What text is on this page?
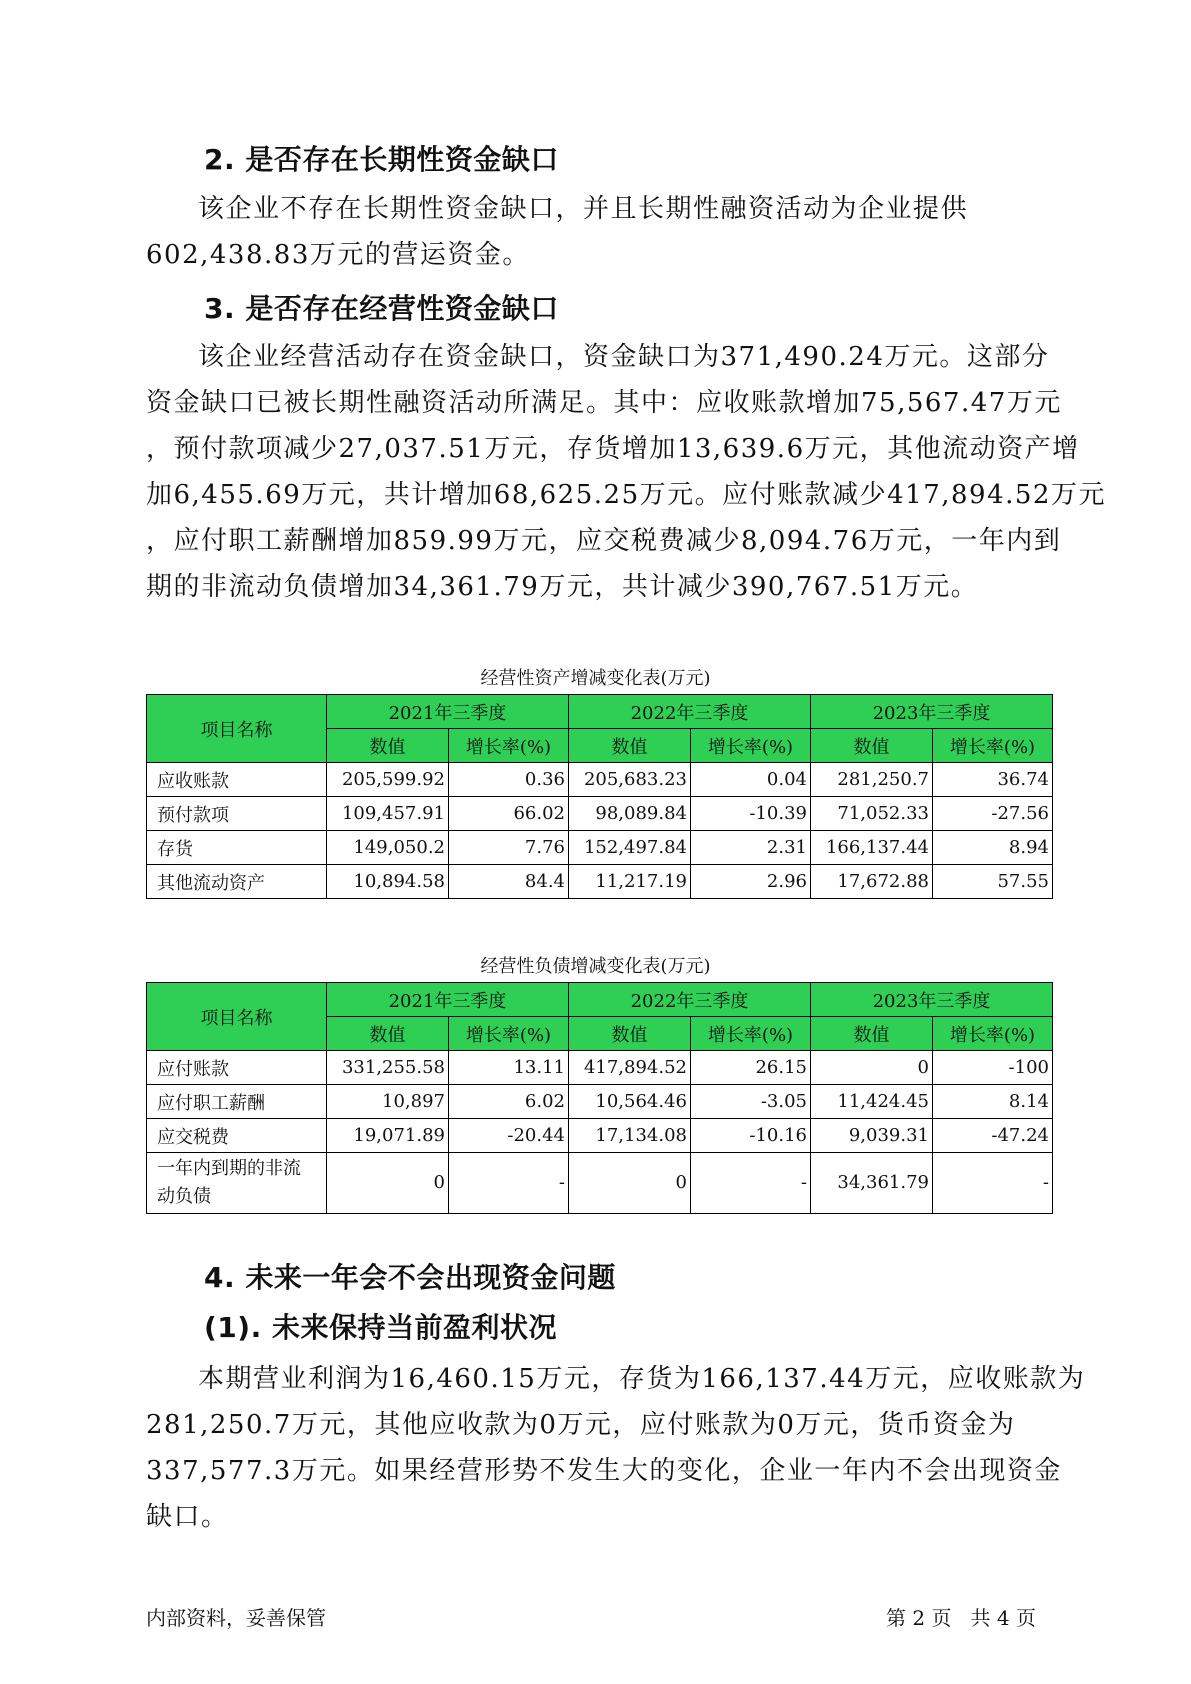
2. 是否存在长期性资金缺口

该企业不存在长期性资金缺口，并且长期性融资活动为企业提供
602,438.83万元的营运资金。

3. 是否存在经营性资金缺口

该企业经营活动存在资金缺口，资金缺口为371,490.24万元。这部分
资金缺口已被长期性融资活动所满足。其中：应收账款增加75,567.47万元
，预付款项减少27,037.51万元，存货增加13,639.6万元，其他流动资产增
加6,455.69万元，共计增加68,625.25万元。应付账款减少417,894.52万元
，应付职工薪酬增加859.99万元，应交税费减少8,094.76万元，一年内到
期的非流动负债增加34,361.79万元，共计减少390,767.51万元。

经营性资产增减变化表(万元)
项目名称	2021年三季度		2022年三季度		2023年三季度	
	数值	增长率(%)	数值	增长率(%)	数值	增长率(%)
应收账款	205,599.92	0.36	205,683.23	0.04	281,250.7	36.74
预付款项	109,457.91	66.02	98,089.84	-10.39	71,052.33	-27.56
存货	149,050.2	7.76	152,497.84	2.31	166,137.44	8.94
其他流动资产	10,894.58	84.4	11,217.19	2.96	17,672.88	57.55
经营性负债增减变化表(万元)
项目名称	2021年三季度		2022年三季度		2023年三季度	
	数值	增长率(%)	数值	增长率(%)	数值	增长率(%)
应付账款	331,255.58	13.11	417,894.52	26.15	0	-100
应付职工薪酬	10,897	6.02	10,564.46	-3.05	11,424.45	8.14
应交税费	19,071.89	-20.44	17,134.08	-10.16	9,039.31	-47.24

一年内到期的非流
动负债	0	-	0	-	34,361.79	-
4. 未来一年会不会出现资金问题
(1). 未来保持当前盈利状况

本期营业利润为16,460.15万元，存货为166,137.44万元，应收账款为
281,250.7万元，其他应收款为0万元，应付账款为0万元，货币资金为
337,577.3万元。如果经营形势不发生大的变化，企业一年内不会出现资金
缺口。

内部资料，妥善保管	第 2 页   共 4 页
